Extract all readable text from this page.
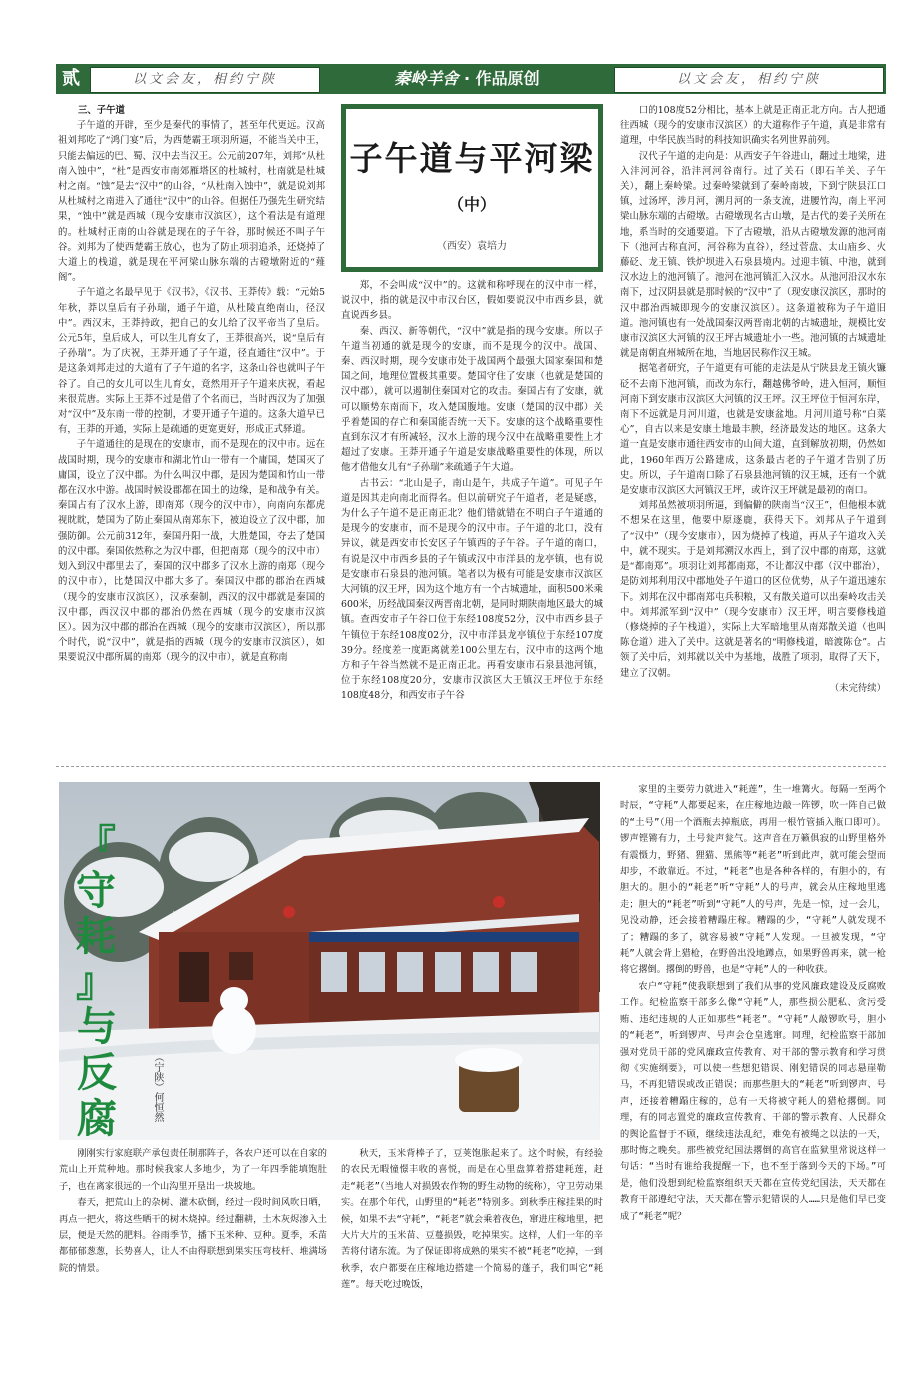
贰	以文会友，相约宁陕	秦岭羊舍 · 作品原创	以文会友，相约宁陕

三、子午道

子午道的开辟，至少是秦代的事情了，甚至年代更远。汉高祖刘邦吃了“鸿门宴”后，为西楚霸王项羽所逼，不能当关中王，只能去偏远的巴、蜀、汉中去当汉王。公元前207年，刘邦“从杜南入蚀中”，“杜”是西安市南郊雁塔区的杜城村，杜南就是杜城村之南。“蚀”是去“汉中”的山谷，“从杜南入蚀中”，就是说刘邦从杜城村之南进入了通往“汉中”的山谷。但据任乃强先生研究结果，“蚀中”就是西城（现今安康市汉滨区），这个看法是有道理的。杜城村正南的山谷就是现在的子午谷，那时候还不叫子午谷。刘邦为了使西楚霸王放心，也为了防止项羽追杀，还烧掉了大道上的栈道，就是现在平河梁山脉东端的古磴墩附近的“薤阁”。

子午道之名最早见于《汉书》，《汉书、王莽传》载：“元始5年秋，莽以皇后有子孙瑞，通子午道，从杜陵直绝南山，径汉中”。西汉末，王莽持政，把自己的女儿给了汉平帝当了皇后。公元5年，皇后成人，可以生儿育女了，王莽很高兴，说“皇后有子孙瑞”。为了庆祝，王莽开通了子午道，径直通往“汉中”。于是这条刘邦走过的大道有了子午道的名字，这条山谷也就叫子午谷了。自己的女儿可以生儿育女，竟然用开子午道来庆祝，看起来很荒唐。实际上王莽不过是借了个名而已，当时西汉为了加强对“汉中”及东南一带的控制，才要开通子午道的。这条大道早已有，王莽的开通，实际上是疏通的更宽更好，形成正式驿道。

子午道通往的是现在的安康市，而不是现在的汉中市。远在战国时期，现今的安康市和湖北竹山一带有一个庸国，楚国灭了庸国，设立了汉中郡。为什么叫汉中郡，是因为楚国和竹山一带都在汉水中游。战国时候设郡都在国土的边缘，是和战争有关。秦国占有了汉水上游，即南郑（现今的汉中市），向南向东都虎视眈眈，楚国为了防止秦国从南郑东下，被迫设立了汉中郡，加强防御。公元前312年，秦国丹阳一战，大胜楚国，夺去了楚国的汉中郡。秦国依然称之为汉中郡，但把南郑（现今的汉中市）划入到汉中郡里去了，秦国的汉中郡多了汉水上游的南郑（现今的汉中市），比楚国汉中郡大多了。秦国汉中郡的郡治在西城（现今的安康市汉滨区），汉承秦制，西汉的汉中郡就是秦国的汉中郡，西汉汉中郡的郡治仍然在西城（现今的安康市汉滨区）。因为汉中郡的郡治在西城（现今的安康市汉滨区），所以那个时代，说“汉中”，就是指的西城（现今的安康市汉滨区），如果要说汉中郡所属的南郑（现今的汉中市），就是直称南

子午道与平河梁
（中）
（西安）袁培力

郑，不会叫成“汉中”的。这就和称呼现在的汉中市一样，说汉中，指的就是汉中市汉台区，假如要说汉中市西乡县，就直说西乡县。

秦、西汉、新等朝代，“汉中”就是指的现今安康。所以子午道当初通的就是现今的安康，而不是现今的汉中。战国、秦、西汉时期，现今安康市处于战国两个最强大国家秦国和楚国之间，地理位置极其重要。楚国守住了安康（也就是楚国的汉中郡），就可以遏制住秦国对它的攻击。秦国占有了安康，就可以顺势东南而下，攻入楚国腹地。安康（楚国的汉中郡）关乎着楚国的存亡和秦国能否统一天下。安康的这个战略重要性直到东汉才有所减轻，汉水上游的现今汉中在战略重要性上才超过了安康。王莽开通子午道是安康战略重要性的体现，所以他才借他女儿有“子孙瑞”来疏通子午大道。

古书云：“北山是子，南山是午，共成子午道”。可见子午道是因其走向南北而得名。但以前研究子午道者，老是疑惑，为什么子午道不是正南正北？他们错就错在不明白子午道通的是现今的安康市，而不是现今的汉中市。子午道的北口，没有异议，就是西安市长安区子午镇西的子午谷。子午道的南口，有说是汉中市西乡县的子午镇或汉中市洋县的龙亭镇，也有说是安康市石泉县的池河镇。笔者以为极有可能是安康市汉滨区大河镇的汉王坪，因为这个地方有一个古城遗址，面积500米乘600米，历经战国秦汉两晋南北朝，是同时期陕南地区最大的城镇。查西安市子午谷口位于东经108度52分，汉中市西乡县子午镇位于东经108度02分，汉中市洋县龙亭镇位于东经107度39分。经度差一度距离就差100公里左右，汉中市的这两个地方和子午谷当然就不是正南正北。再看安康市石泉县池河镇，位于东经108度20分，安康市汉滨区大王镇汉王坪位于东经108度48分，和西安市子午谷

口的108度52分相比，基本上就是正南正北方向。古人把通往西城（现今的安康市汉滨区）的大道称作子午道，真是非常有道理，中华民族当时的科技知识确实名列世界前列。

汉代子午道的走向是：从西安子午谷进山，翻过土地梁，进入沣河河谷，沿沣河河谷南行。过了关石（即石羊关、子午关），翻上秦岭梁。过秦岭梁就到了秦岭南坡，下到宁陕县江口镇，过汤坪，涉月河，溯月河的一条支流，进腰竹沟，南上平河梁山脉东端的古磴墩。古磴墩现名古山墩，是古代的姜子关所在地，系当时的交通要道。下了古磴墩，沿从古磴墩发源的池河南下（池河古称直河，河谷称为直谷），经过菅盘、太山庙乡、火藤砭、龙王镇、铁炉坝进入石泉县境内。过迎丰镇、中池，就到汉水边上的池河镇了。池河在池河镇汇入汉水。从池河沿汉水东南下，过汉阴县就是那时候的“汉中”了（现安康汉滨区，那时的汉中郡治西城即现今的安康汉滨区）。这条道被称为子午道旧道。池河镇也有一处战国秦汉两晋南北朝的古城遗址，规模比安康市汉滨区大河镇的汉王坪古城遗址小一些。池河镇的古城遗址就是南朝直州城所在地，当地居民称作汉王城。

据笔者研究，子午道更有可能的走法是从宁陕县龙王镇火镰砭不去南下池河镇，而改为东行，翻越佛爷岭，进入恒河，顺恒河南下到安康市汉滨区大河镇的汉王坪。汉王坪位于恒河东岸，南下不远就是月河川道，也就是安康盆地。月河川道号称“白菜心”，自古以来是安康土地最丰腴，经济最发达的地区。这条大道一直是安康市通往西安市的山间大道，直到解放初期，仍然如此，1960年西万公路建成，这条最古老的子午道才告别了历史。所以，子午道南口除了石泉县池河镇的汉王城，还有一个就是安康市汉滨区大河镇汉王坪，或许汉王坪就是最初的南口。

刘邦虽然被项羽所逼，到偏僻的陕南当“汉王”，但他根本就不想呆在这里，他要中原逐鹿，获得天下。刘邦从子午道到了“汉中”（现今安康市），因为烧掉了栈道，再从子午道攻入关中，就不现实。于是刘邦溯汉水西上，到了汉中郡的南郑，这就是“都南郑”。项羽让刘邦都南郑，不让都汉中郡（汉中郡治），是防刘邦利用汉中郡地处子午道口的区位优势，从子午道迅速东下。刘邦在汉中郡南郑屯兵积粮，又有散关道可以出秦岭攻击关中。刘邦派军到“汉中”（现今安康市）汉王坪，明言要修栈道（修烧掉的子午栈道），实际上大军暗地里从南郑散关道（也叫陈仓道）进入了关中。这就是著名的“明修栈道，暗渡陈仓”。占领了关中后，刘邦就以关中为基地，战胜了项羽，取得了天下，建立了汉朝。

（未完待续）

『
守
耗
』
与
反
腐	（宁陕）何恒然

刚刚实行家庭联产承包责任制那阵子，各农户还可以在自家的荒山上开荒种地。那时候我家人多地少，为了一年四季能填饱肚子，也在离家很远的一个山沟里开垦出一块坡地。

春天，把荒山上的杂树、灌木砍倒，经过一段时间风吹日晒，再点一把火，将这些晒干的树木烧掉。经过翻耕，土木灰烬渗入土层，便是天然的肥料。谷雨季节，播下玉米种、豆种。夏季，禾苗都郁郁葱葱，长势喜人，让人不由得联想到果实压弯枝杆、堆满场院的情景。

秋天，玉米背棒子了，豆荚饱胀起来了。这个时候，有经验的农民无暇憧憬丰收的喜悦，而是在心里盘算着搭建耗莲，赶走“耗老”（当地人对损毁农作物的野生动物的统称），守卫劳动果实。在那个年代，山野里的“耗老”特别多。到秋季庄稼挂果的时候，如果不去“守耗”，“耗老”就会乘着夜色，窜进庄稼地里，把大片大片的玉米苗、豆蔓损毁，吃掉果实。这样，人们一年的辛苦将付诸东流。为了保证即将成熟的果实不被“耗老”吃掉，一到秋季，农户都要在庄稼地边搭建一个简易的蓬子，我们叫它“耗莲”。每天吃过晚饭，

家里的主要劳力就进入“耗莲”，生一堆篝火。每隔一至两个时辰，“守耗”人都要起来，在庄稼地边敲一阵锣，吹一阵自己做的“土号”（用一个酒瓶去掉瓶底，再用一根竹管插入瓶口即可）。锣声铿锵有力，土号瓮声瓮气。这声音在万籁俱寂的山野里格外有震慑力，野猪、狸猫、黑熊等“耗老”听到此声，就可能会望而却步，不敢靠近。不过，“耗老”也是各种各样的，有胆小的，有胆大的。胆小的“耗老”听“守耗”人的号声，就会从庄稼地里逃走；胆大的“耗老”听到“守耗”人的号声，先是一惊，过一会儿，见没动静，还会接着糟蹋庄稼。糟蹋的少，“守耗”人就发现不了；糟蹋的多了，就容易被“守耗”人发现。一旦被发现，“守耗”人就会背上猎枪，在野兽出没地蹲点，如果野兽再来，就一枪将它撂倒。撂倒的野兽，也是“守耗”人的一种收获。

农户“守耗”使我联想到了我们从事的党风廉政建设及反腐败工作。纪检监察干部多么像“守耗”人，那些损公肥私、贪污受贿、违纪违规的人正如那些“耗老”。“守耗”人敲锣吹号，胆小的“耗老”，听到锣声、号声会仓皇逃窜。同理，纪检监察干部加强对党员干部的党风廉政宣传教育、对干部的警示教育和学习贯彻《实施纲要》，可以使一些想犯错误、刚犯错误的同志悬崖勒马，不再犯错误或改正错误；而那些胆大的“耗老”听到锣声、号声，还接着糟蹋庄稼的，总有一天将被守耗人的猎枪撂倒。同理，有的同志置党的廉政宣传教育、干部的警示教育、人民群众的舆论监督于不顾，继续违法乱纪，难免有被绳之以法的一天，那时悔之晚矣。那些被党纪国法撂倒的高官在监狱里常说这样一句话：“当时有谁给我提醒一下，也不至于落到今天的下场。”可是，他们没想到纪检监察组织天天都在宣传党纪国法，天天都在教育干部遵纪守法，天天都在警示犯错误的人……只是他们早已变成了“耗老”呢？
